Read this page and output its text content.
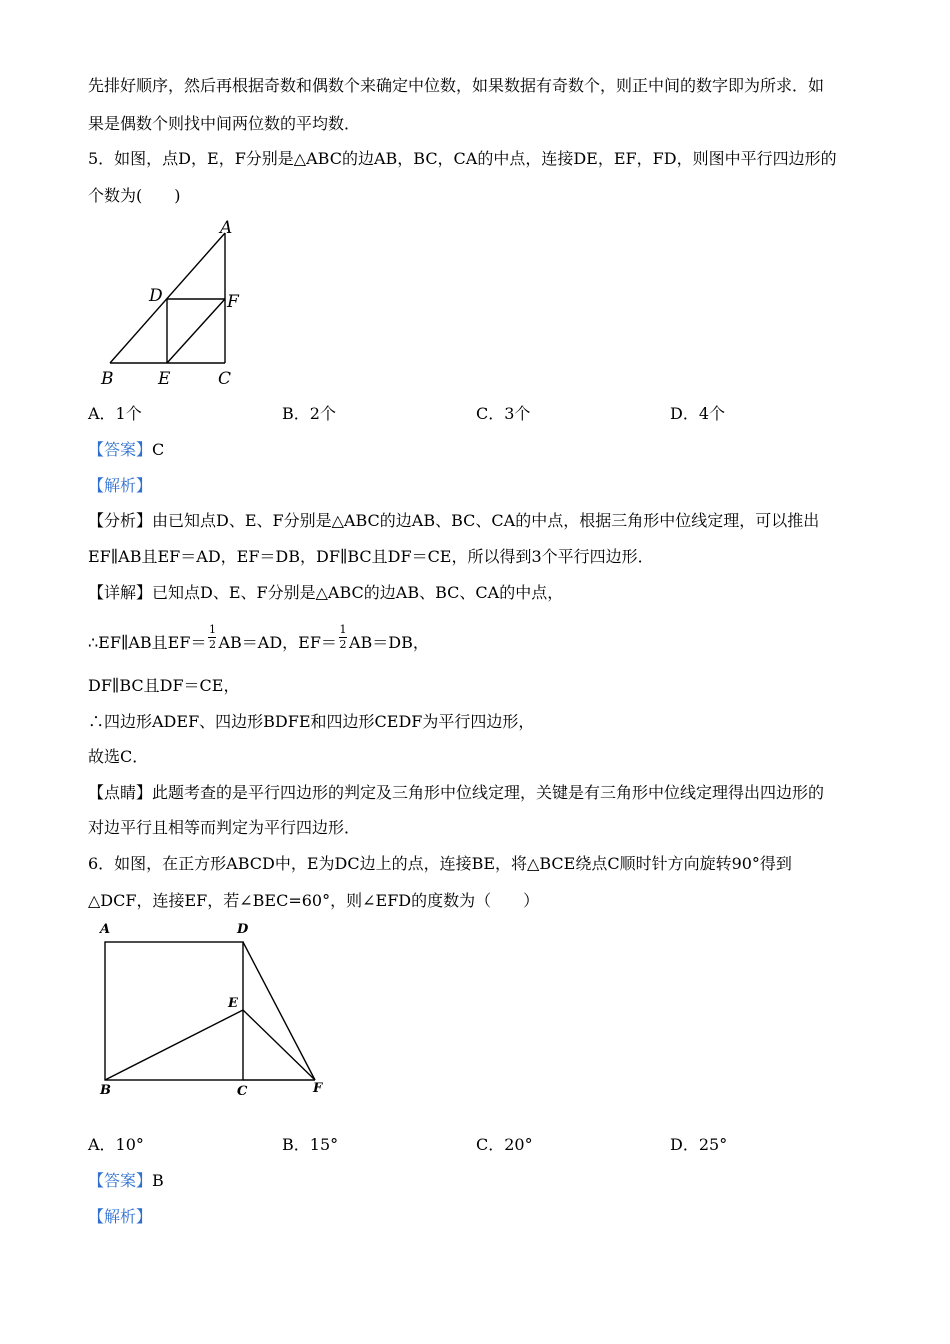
先排好顺序，然后再根据奇数和偶数个来确定中位数，如果数据有奇数个，则正中间的数字即为所求．如
果是偶数个则找中间两位数的平均数．
5．如图，点D，E，F分别是△ABC的边AB，BC，CA的中点，连接DE，EF，FD，则图中平行四边形的
个数为(　　)
A
D	F
B	E	C
A．1个	B．2个	C．3个	D．4个
【答案】C
【解析】
【分析】由已知点D、E、F分别是△ABC的边AB、BC、CA的中点，根据三角形中位线定理，可以推出
EF∥AB且EF＝AD，EF＝DB，DF∥BC且DF＝CE，所以得到3个平行四边形．
【详解】已知点D、E、F分别是△ABC的边AB、BC、CA的中点，
∴EF∥AB且$EF= \frac{1}{2} AB=AD$，$EF= \frac{1}{2} AB=DB$，
DF∥BC且DF＝CE，
∴四边形ADEF、四边形BDFE和四边形CEDF为平行四边形，
故选C．
【点睛】此题考查的是平行四边形的判定及三角形中位线定理，关键是有三角形中位线定理得出四边形的
对边平行且相等而判定为平行四边形．
6．如图，在正方形ABCD中，E为DC边上的点，连接BE，将△BCE绕点C顺时针方向旋转90°得到
△DCF，连接EF，若∠BEC=60°，则∠EFD的度数为（　　）
A	D
E
B	C	F
A．10°	B．15°	C．20°	D．25°
【答案】B
【解析】
